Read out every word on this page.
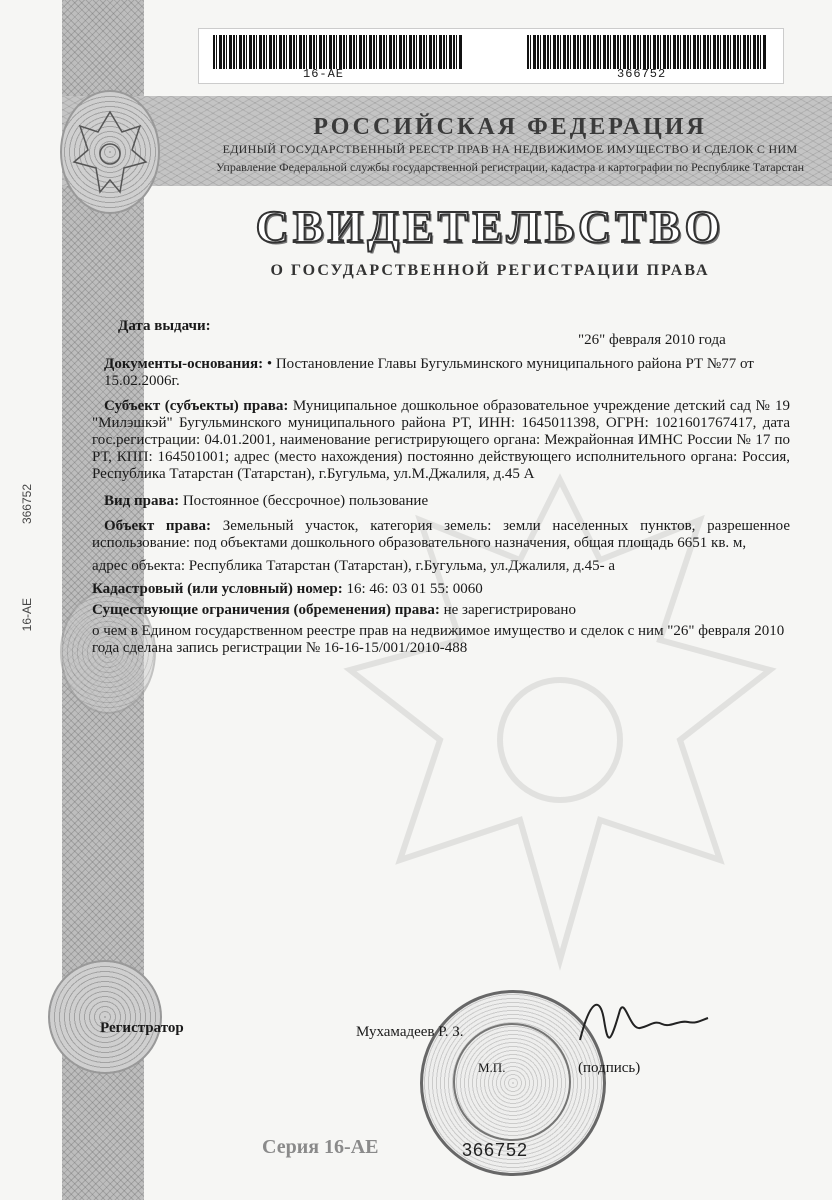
16-AE	366752
РОССИЙСКАЯ ФЕДЕРАЦИЯ
ЕДИНЫЙ ГОСУДАРСТВЕННЫЙ РЕЕСТР ПРАВ НА НЕДВИЖИМОЕ ИМУЩЕСТВО И СДЕЛОК С НИМ
Управление Федеральной службы государственной регистрации, кадастра и картографии по Республике Татарстан
СВИДЕТЕЛЬСТВО
О ГОСУДАРСТВЕННОЙ РЕГИСТРАЦИИ ПРАВА
366752
16-АЕ
Дата выдачи:
"26" февраля 2010 года
Документы-основания: • Постановление Главы Бугульминского муниципального района РТ №77 от 15.02.2006г.
Субъект (субъекты) права: Муниципальное дошкольное образовательное учреждение детский сад № 19 "Милэшкэй" Бугульминского муниципального района РТ, ИНН: 1645011398, ОГРН: 1021601767417, дата гос.регистрации: 04.01.2001, наименование регистрирующего органа: Межрайонная ИМНС России № 17 по РТ, КПП: 164501001; адрес (место нахождения) постоянно действующего исполнительного органа: Россия, Республика Татарстан (Татарстан), г.Бугульма, ул.М.Джалиля, д.45 А
Вид права: Постоянное (бессрочное) пользование
Объект права: Земельный участок, категория земель: земли населенных пунктов, разрешенное использование: под объектами дошкольного образовательного назначения, общая площадь 6651 кв. м,
адрес объекта: Республика Татарстан (Татарстан), г.Бугульма, ул.Джалиля, д.45- а
Кадастровый (или условный) номер: 16: 46: 03 01 55: 0060
Существующие ограничения (обременения) права: не зарегистрировано
о чем в Едином государственном реестре прав на недвижимое имущество и сделок с ним "26" февраля 2010 года сделана запись регистрации № 16-16-15/001/2010-488
Регистратор	Мухамадеев Р. З.
М.П.	(подпись)
Серия 16-АЕ	366752
